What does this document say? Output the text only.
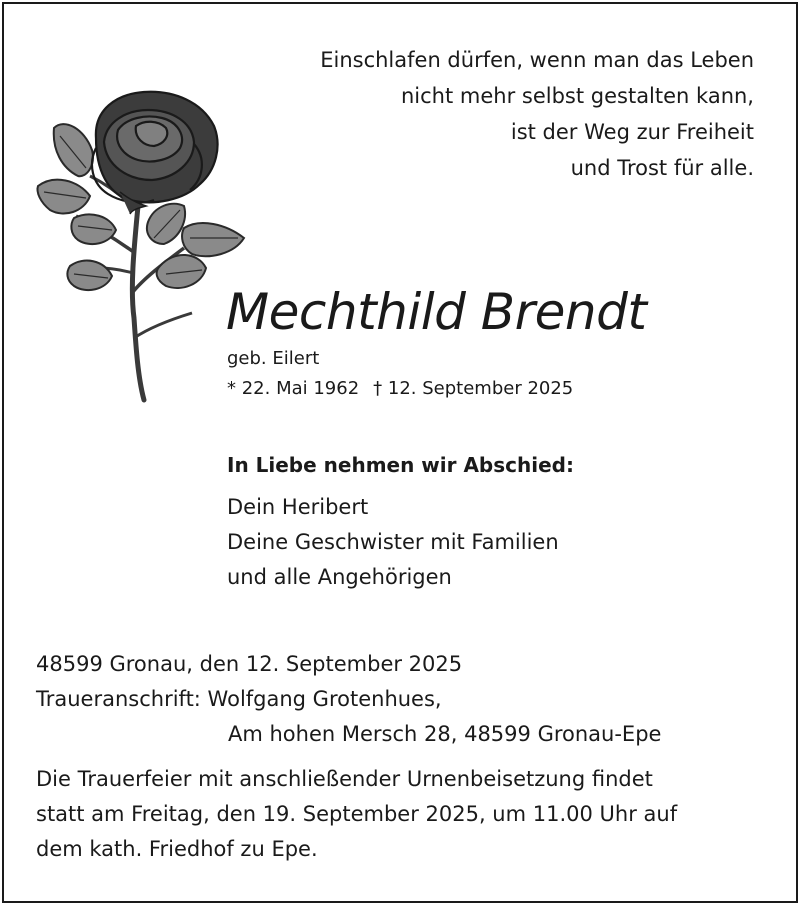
Einschlafen dürfen, wenn man das Leben
nicht mehr selbst gestalten kann,
ist der Weg zur Freiheit
und Trost für alle.
Mechthild Brendt
geb. Eilert
* 22. Mai 1962 † 12. September 2025
In Liebe nehmen wir Abschied:
Dein Heribert
Deine Geschwister mit Familien
und alle Angehörigen
48599 Gronau, den 12. September 2025
Traueranschrift: Wolfgang Grotenhues,
Am hohen Mersch 28, 48599 Gronau-Epe
Die Trauerfeier mit anschließender Urnenbeisetzung findet
statt am Freitag, den 19. September 2025, um 11.00 Uhr auf
dem kath. Friedhof zu Epe.
